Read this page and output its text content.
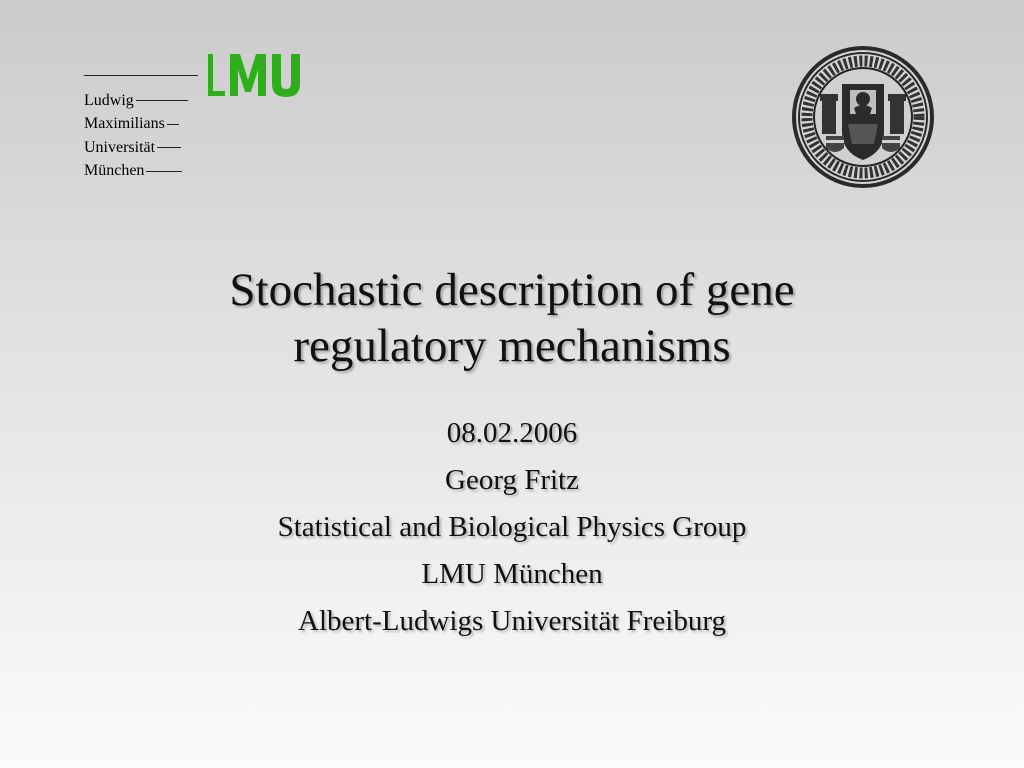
Ludwig
Maximilians
Universität
München
Stochastic description of gene
regulatory mechanisms
08.02.2006
Georg Fritz
Statistical and Biological Physics Group
LMU München
Albert-Ludwigs Universität Freiburg
